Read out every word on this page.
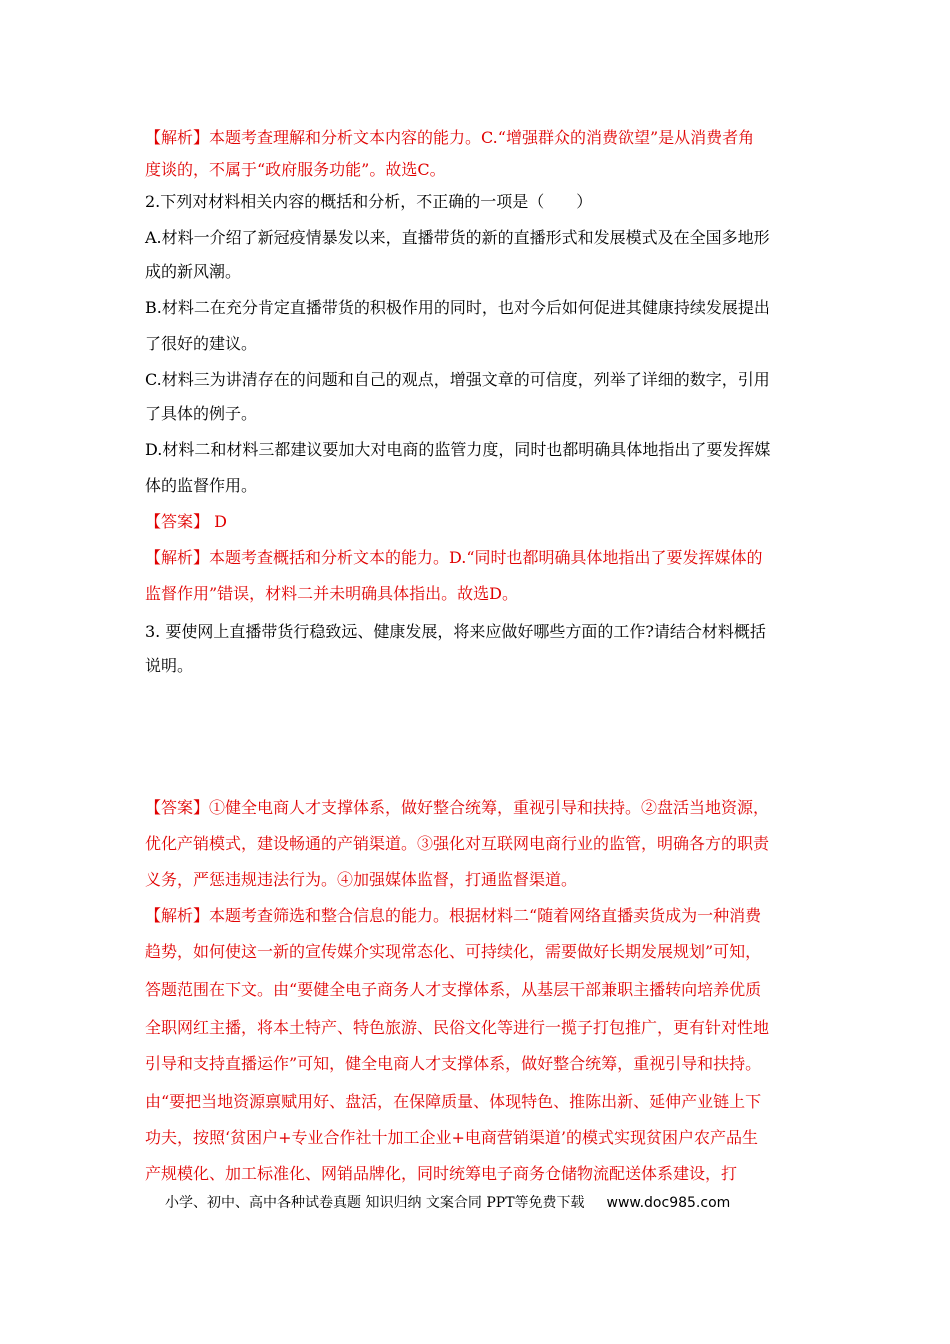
【解析】本题考查理解和分析文本内容的能力。C.“增强群众的消费欲望”是从消费者角
度谈的，不属于“政府服务功能”。故选C。
2.下列对材料相关内容的概括和分析，不正确的一项是（　　）
A.材料一介绍了新冠疫情暴发以来，直播带货的新的直播形式和发展模式及在全国多地形
成的新风潮。
B.材料二在充分肯定直播带货的积极作用的同时，也对今后如何促进其健康持续发展提出
了很好的建议。
C.材料三为讲清存在的问题和自己的观点，增强文章的可信度，列举了详细的数字，引用
了具体的例子。
D.材料二和材料三都建议要加大对电商的监管力度，同时也都明确具体地指出了要发挥媒
体的监督作用。
【答案】 D
【解析】本题考查概括和分析文本的能力。D.“同时也都明确具体地指出了要发挥媒体的
监督作用”错误，材料二并未明确具体指出。故选D。
3. 要使网上直播带货行稳致远、健康发展，将来应做好哪些方面的工作?请结合材料概括
说明。
【答案】①健全电商人才支撑体系，做好整合统筹，重视引导和扶持。②盘活当地资源，
优化产销模式，建设畅通的产销渠道。③强化对互联网电商行业的监管，明确各方的职责
义务，严惩违规违法行为。④加强媒体监督，打通监督渠道。
【解析】本题考查筛选和整合信息的能力。根据材料二“随着网络直播卖货成为一种消费
趋势，如何使这一新的宣传媒介实现常态化、可持续化，需要做好长期发展规划”可知，
答题范围在下文。由“要健全电子商务人才支撑体系，从基层干部兼职主播转向培养优质
全职网红主播，将本土特产、特色旅游、民俗文化等进行一揽子打包推广，更有针对性地
引导和支持直播运作”可知，健全电商人才支撑体系，做好整合统筹，重视引导和扶持。
由“要把当地资源禀赋用好、盘活，在保障质量、体现特色、推陈出新、延伸产业链上下
功夫，按照‘贫困户+专业合作社十加工企业+电商营销渠道’的模式实现贫困户农产品生
产规模化、加工标准化、网销品牌化，同时统筹电子商务仓储物流配送体系建设，打
小学、初中、高中各种试卷真题 知识归纳 文案合同 PPT等免费下载 www.doc985.com
